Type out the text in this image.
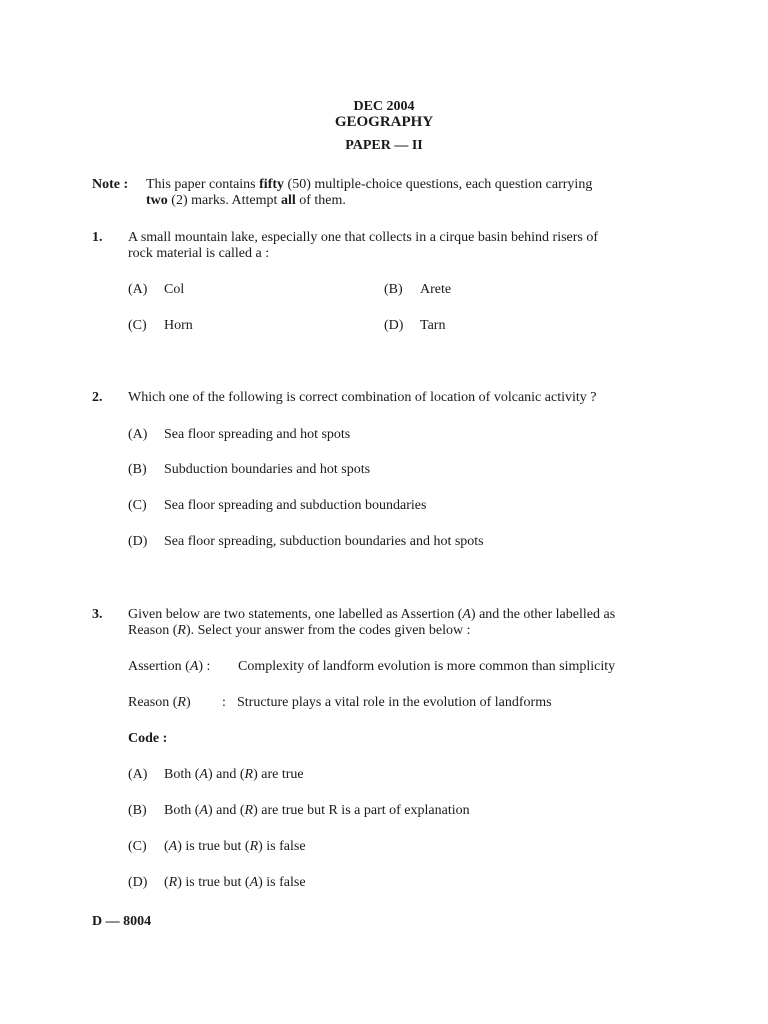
DEC 2004
GEOGRAPHY
PAPER — II
Note : This paper contains fifty (50) multiple-choice questions, each question carrying
two (2) marks. Attempt all of them.
1. A small mountain lake, especially one that collects in a cirque basin behind risers of
rock material is called a :
(A) Col	(B) Arete
(C) Horn	(D) Tarn
2. Which one of the following is correct combination of location of volcanic activity ?
(A) Sea floor spreading and hot spots
(B) Subduction boundaries and hot spots
(C) Sea floor spreading and subduction boundaries
(D) Sea floor spreading, subduction boundaries and hot spots
3. Given below are two statements, one labelled as Assertion (A) and the other labelled as
Reason (R). Select your answer from the codes given below :
Assertion (A) : Complexity of landform evolution is more common than simplicity
Reason (R) : Structure plays a vital role in the evolution of landforms
Code :
(A) Both (A) and (R) are true
(B) Both (A) and (R) are true but R is a part of explanation
(C) (A) is true but (R) is false
(D) (R) is true but (A) is false
D — 8004
